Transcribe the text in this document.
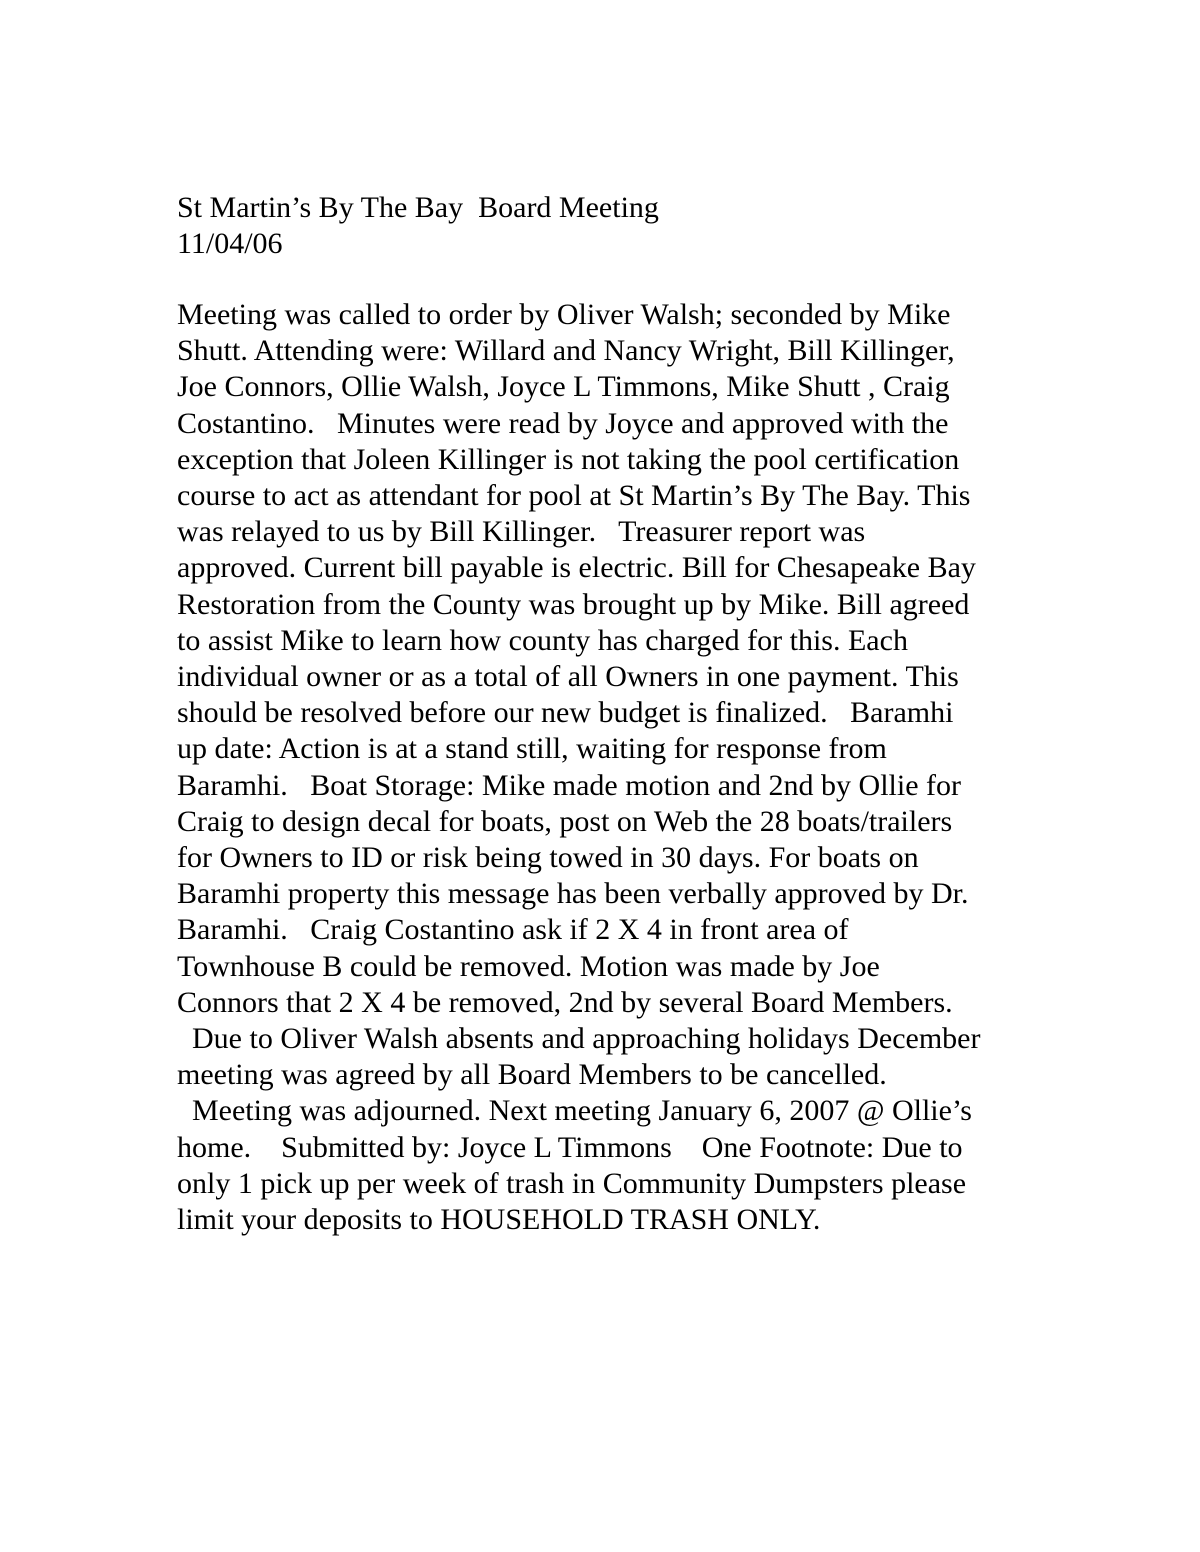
St Martin’s By The Bay  Board Meeting
11/04/06
Meeting was called to order by Oliver Walsh; seconded by Mike
Shutt. Attending were: Willard and Nancy Wright, Bill Killinger,
Joe Connors, Ollie Walsh, Joyce L Timmons, Mike Shutt , Craig
Costantino.   Minutes were read by Joyce and approved with the
exception that Joleen Killinger is not taking the pool certification
course to act as attendant for pool at St Martin’s By The Bay. This
was relayed to us by Bill Killinger.   Treasurer report was
approved. Current bill payable is electric. Bill for Chesapeake Bay
Restoration from the County was brought up by Mike. Bill agreed
to assist Mike to learn how county has charged for this. Each
individual owner or as a total of all Owners in one payment. This
should be resolved before our new budget is finalized.   Baramhi
up date: Action is at a stand still, waiting for response from
Baramhi.   Boat Storage: Mike made motion and 2nd by Ollie for
Craig to design decal for boats, post on Web the 28 boats/trailers
for Owners to ID or risk being towed in 30 days. For boats on
Baramhi property this message has been verbally approved by Dr.
Baramhi.   Craig Costantino ask if 2 X 4 in front area of
Townhouse B could be removed. Motion was made by Joe
Connors that 2 X 4 be removed, 2nd by several Board Members.
Due to Oliver Walsh absents and approaching holidays December
meeting was agreed by all Board Members to be cancelled.
Meeting was adjourned. Next meeting January 6, 2007 @ Ollie’s
home.    Submitted by: Joyce L Timmons    One Footnote: Due to
only 1 pick up per week of trash in Community Dumpsters please
limit your deposits to HOUSEHOLD TRASH ONLY.
